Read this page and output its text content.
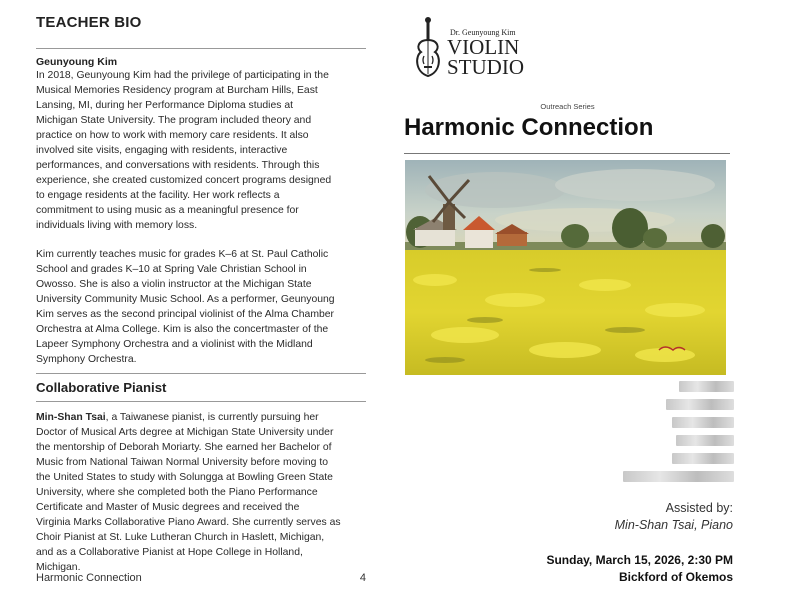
TEACHER BIO

Geunyoung Kim

In 2018, Geunyoung Kim had the privilege of participating in the

Musical Memories Residency program at Burcham Hills, East

Lansing, MI, during her Performance Diploma studies at

Michigan State University. The program included theory and

practice on how to work with memory care residents. It also

involved site visits, engaging with residents, interactive

performances, and conversations with residents. Through this

experience, she created customized concert programs designed

to engage residents at the facility. Her work reflects a

commitment to using music as a meaningful presence for

individuals living with memory loss.

Kim currently teaches music for grades K–6 at St. Paul Catholic

School and grades K–10 at Spring Vale Christian School in

Owosso. She is also a violin instructor at the Michigan State

University Community Music School. As a performer, Geunyoung

Kim serves as the second principal violinist of the Alma Chamber

Orchestra at Alma College. Kim is also the concertmaster of the

Lapeer Symphony Orchestra and a violinist with the Midland

Symphony Orchestra.

Collaborative Pianist

Min-Shan Tsai, a Taiwanese pianist, is currently pursuing her

Doctor of Musical Arts degree at Michigan State University under

the mentorship of Deborah Moriarty. She earned her Bachelor of

Music from National Taiwan Normal University before moving to

the United States to study with Solungga at Bowling Green State

University, where she completed both the Piano Performance

Certificate and Master of Music degrees and received the

Virginia Marks Collaborative Piano Award. She currently serves as

Choir Pianist at St. Luke Lutheran Church in Haslett, Michigan,

and as a Collaborative Pianist at Hope College in Holland,

Michigan.

Harmonic Connection	4
Dr. Geunyoung Kim
VIOLIN
STUDIO
Outreach Series
Harmonic Connection
Assisted by:
Min-Shan Tsai, Piano
Sunday, March 15, 2026, 2:30 PM
Bickford of Okemos
